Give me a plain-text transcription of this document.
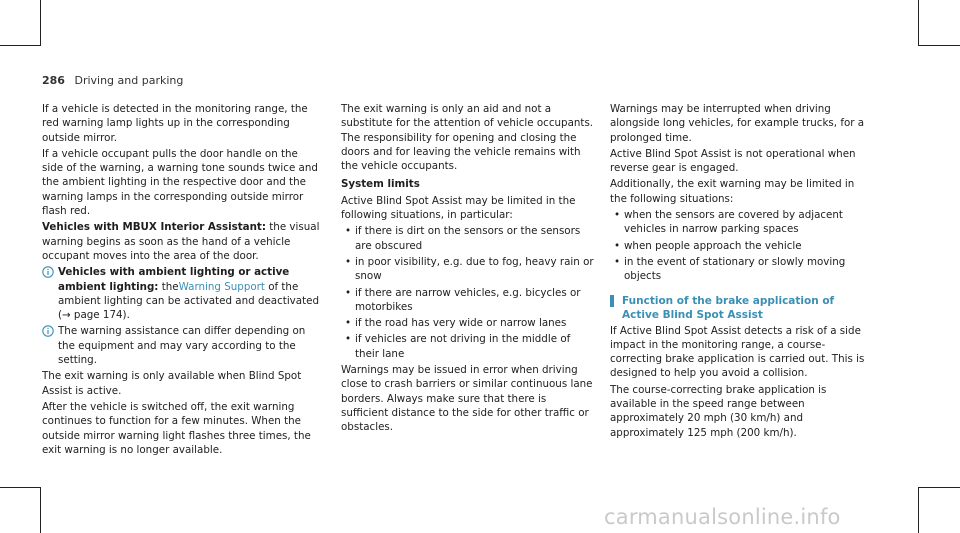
286 Driving and parking

If a vehicle is detected in the monitoring range, the red warning lamp lights up in the corresponding outside mirror.

If a vehicle occupant pulls the door handle on the side of the warning, a warning tone sounds twice and the ambient lighting in the respective door and the warning lamps in the corresponding outside mirror flash red.

Vehicles with MBUX Interior Assistant: the visual warning begins as soon as the hand of a vehicle occupant moves into the area of the door.

Vehicles with ambient lighting or active ambient lighting: theWarning Support of the ambient lighting can be activated and deactivated (→ page 174).
The warning assistance can differ depending on the equipment and may vary according to the setting.

The exit warning is only available when Blind Spot Assist is active.

After the vehicle is switched off, the exit warning continues to function for a few minutes. When the outside mirror warning light flashes three times, the exit warning is no longer available.

The exit warning is only an aid and not a substitute for the attention of vehicle occupants. The responsibility for opening and closing the doors and for leaving the vehicle remains with the vehicle occupants.

System limits

Active Blind Spot Assist may be limited in the following situations, in particular:

• if there is dirt on the sensors or the sensors are obscured
• in poor visibility, e.g. due to fog, heavy rain or snow
• if there are narrow vehicles, e.g. bicycles or motorbikes
• if the road has very wide or narrow lanes
• if vehicles are not driving in the middle of their lane

Warnings may be issued in error when driving close to crash barriers or similar continuous lane borders. Always make sure that there is sufficient distance to the side for other traffic or obstacles.

Warnings may be interrupted when driving alongside long vehicles, for example trucks, for a prolonged time.

Active Blind Spot Assist is not operational when reverse gear is engaged.

Additionally, the exit warning may be limited in the following situations:

• when the sensors are covered by adjacent vehicles in narrow parking spaces
• when people approach the vehicle
• in the event of stationary or slowly moving objects
Function of the brake application of Active Blind Spot Assist

If Active Blind Spot Assist detects a risk of a side impact in the monitoring range, a course-correcting brake application is carried out. This is designed to help you avoid a collision.

The course-correcting brake application is available in the speed range between approximately 20 mph (30 km/h) and approximately 125 mph (200 km/h).

carmanualsonline.info
